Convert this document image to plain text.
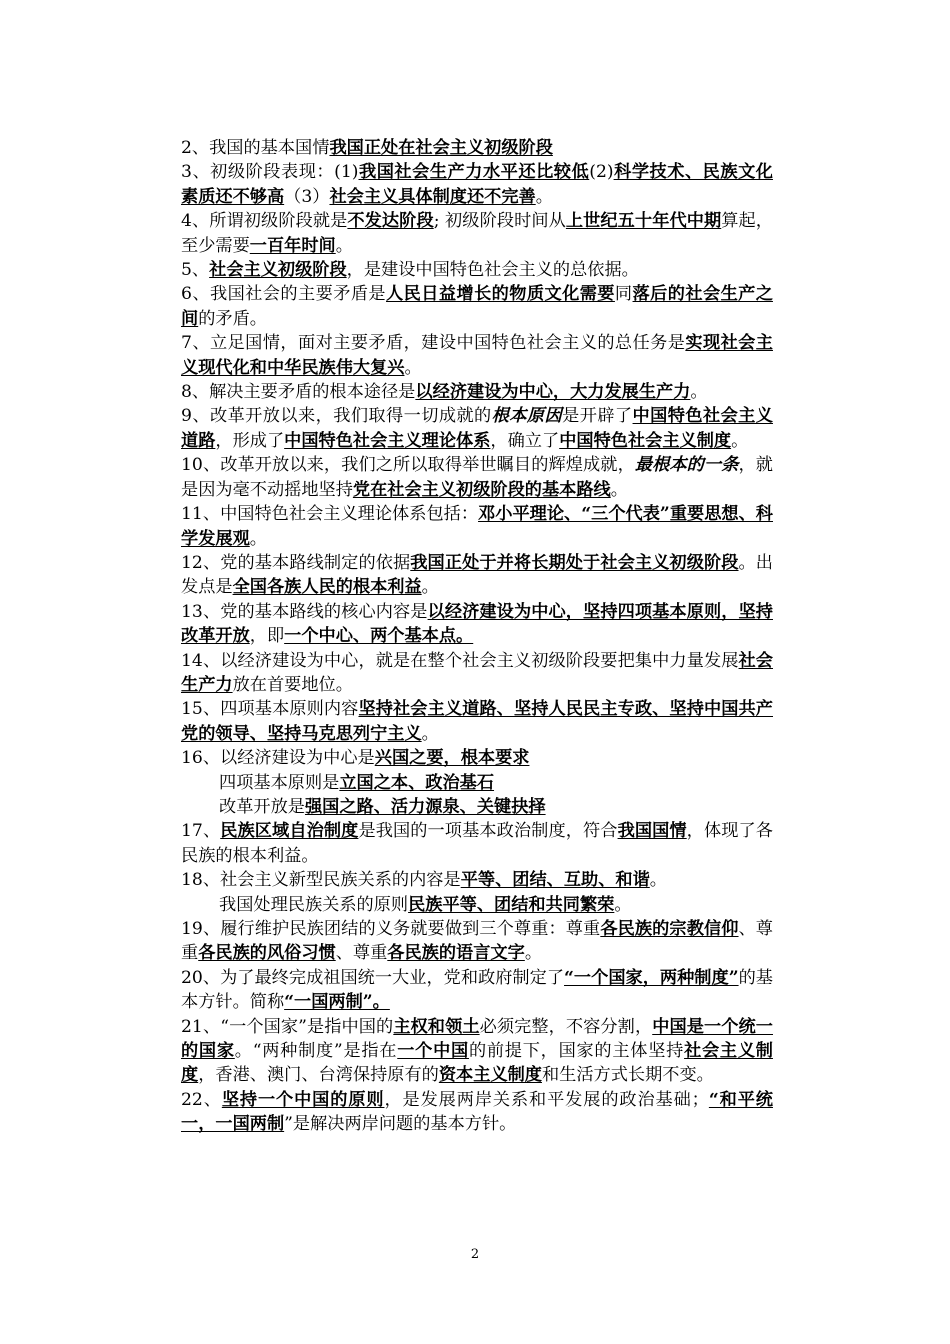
2、我国的基本国情我国正处在社会主义初级阶段

3、初级阶段表现：(1)我国社会生产力水平还比较低(2)科学技术、民族文化素质还不够高（3）社会主义具体制度还不完善。

4、所谓初级阶段就是不发达阶段; 初级阶段时间从上世纪五十年代中期算起，至少需要一百年时间。

5、社会主义初级阶段，是建设中国特色社会主义的总依据。

6、我国社会的主要矛盾是人民日益增长的物质文化需要同落后的社会生产之间的矛盾。

7、立足国情，面对主要矛盾，建设中国特色社会主义的总任务是实现社会主义现代化和中华民族伟大复兴。

8、解决主要矛盾的根本途径是以经济建设为中心，大力发展生产力。

9、改革开放以来，我们取得一切成就的根本原因是开辟了中国特色社会主义道路，形成了中国特色社会主义理论体系，确立了中国特色社会主义制度。

10、改革开放以来，我们之所以取得举世瞩目的辉煌成就，最根本的一条，就是因为毫不动摇地坚持党在社会主义初级阶段的基本路线。

11、中国特色社会主义理论体系包括：邓小平理论、“三个代表”重要思想、科学发展观。

12、党的基本路线制定的依据我国正处于并将长期处于社会主义初级阶段。出发点是全国各族人民的根本利益。

13、党的基本路线的核心内容是以经济建设为中心，坚持四项基本原则，坚持改革开放，即一个中心、两个基本点。

14、以经济建设为中心，就是在整个社会主义初级阶段要把集中力量发展社会生产力放在首要地位。

15、四项基本原则内容坚持社会主义道路、坚持人民民主专政、坚持中国共产党的领导、坚持马克思列宁主义。

16、以经济建设为中心是兴国之要，根本要求

四项基本原则是立国之本、政治基石

改革开放是强国之路、活力源泉、关键抉择

17、民族区域自治制度是我国的一项基本政治制度，符合我国国情，体现了各民族的根本利益。

18、社会主义新型民族关系的内容是平等、团结、互助、和谐。

我国处理民族关系的原则民族平等、团结和共同繁荣。

19、履行维护民族团结的义务就要做到三个尊重：尊重各民族的宗教信仰、尊重各民族的风俗习惯、尊重各民族的语言文字。

20、为了最终完成祖国统一大业，党和政府制定了“一个国家，两种制度”的基本方针。简称“一国两制”。

21、“一个国家”是指中国的主权和领土必须完整，不容分割，中国是一个统一的国家。“两种制度”是指在一个中国的前提下，国家的主体坚持社会主义制度，香港、澳门、台湾保持原有的资本主义制度和生活方式长期不变。

22、坚持一个中国的原则，是发展两岸关系和平发展的政治基础；“和平统一，一国两制”是解决两岸问题的基本方针。

2
